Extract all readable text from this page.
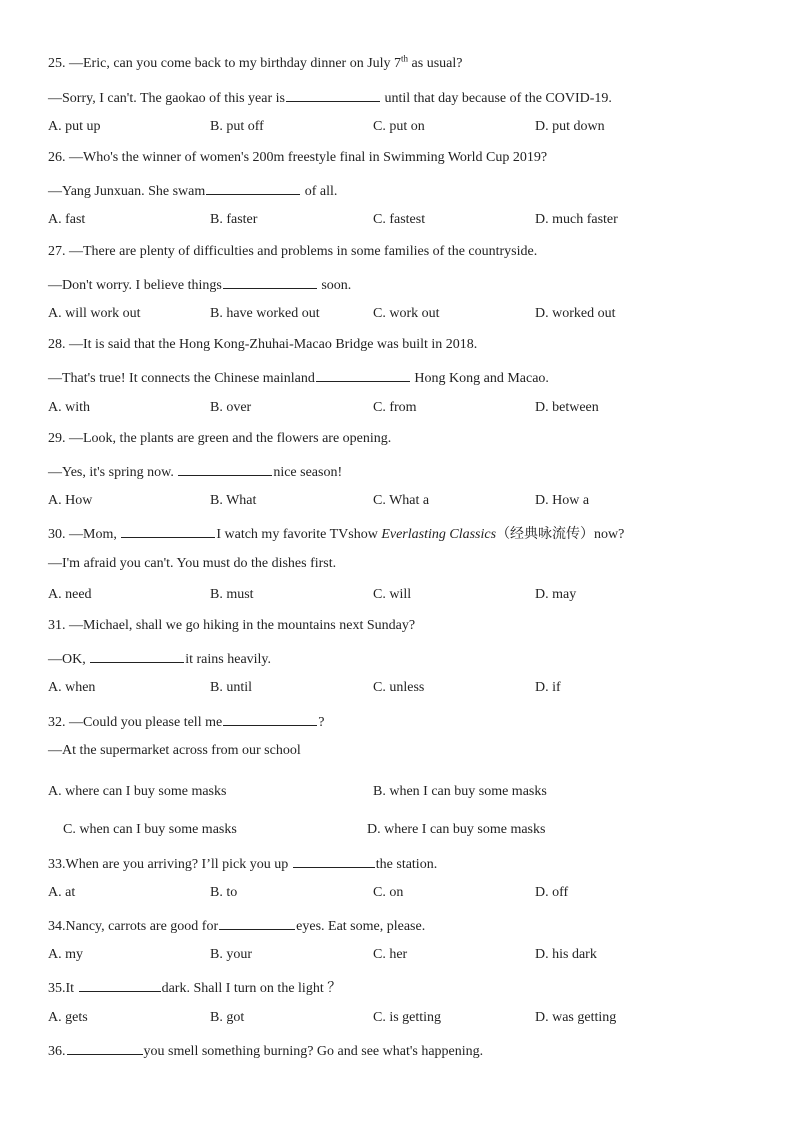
25. —Eric, can you come back to my birthday dinner on July 7th as usual?
—Sorry, I can't. The gaokao of this year is	until that day because of the COVID-19.
A. put up	B. put off	C. put on	D. put down
26. —Who's the winner of women's 200m freestyle final in Swimming World Cup 2019?
—Yang Junxuan. She swam	of all.
A. fast	B. faster	C. fastest	D. much faster
27. —There are plenty of difficulties and problems in some families of the countryside.
—Don't worry. I believe things	soon.
A. will work out	B. have worked out	C. work out	D. worked out
28. —It is said that the Hong Kong-Zhuhai-Macao Bridge was built in 2018.
—That's true! It connects the Chinese mainland	Hong Kong and Macao.
A. with	B. over	C. from	D. between
29. —Look, the plants are green and the flowers are opening.
—Yes, it's spring now.	nice season!
A. How	B. What	C. What a	D. How a
30. —Mom,	I watch my favorite TVshow Everlasting Classics（经典咏流传）now?
—I'm afraid you can't. You must do the dishes first.
A. need	B. must	C. will	D. may
31. —Michael, shall we go hiking in the mountains next Sunday?
—OK,	it rains heavily.
A. when	B. until	C. unless	D. if
32. —Could you please tell me	?
—At the supermarket across from our school
A. where can I buy some masks	B. when I can buy some masks
C. when can I buy some masks	D. where I can buy some masks
33.When are you arriving? I’ll pick you up	the station.
A. at	B. to	C. on	D. off
34.Nancy, carrots are good for	eyes. Eat some, please.
A. my	B. your	C. her	D. his dark
35.It	dark. Shall I turn on the light ？
A. gets	B. got	C. is getting	D. was getting
36.	you smell something burning? Go and see what's happening.
